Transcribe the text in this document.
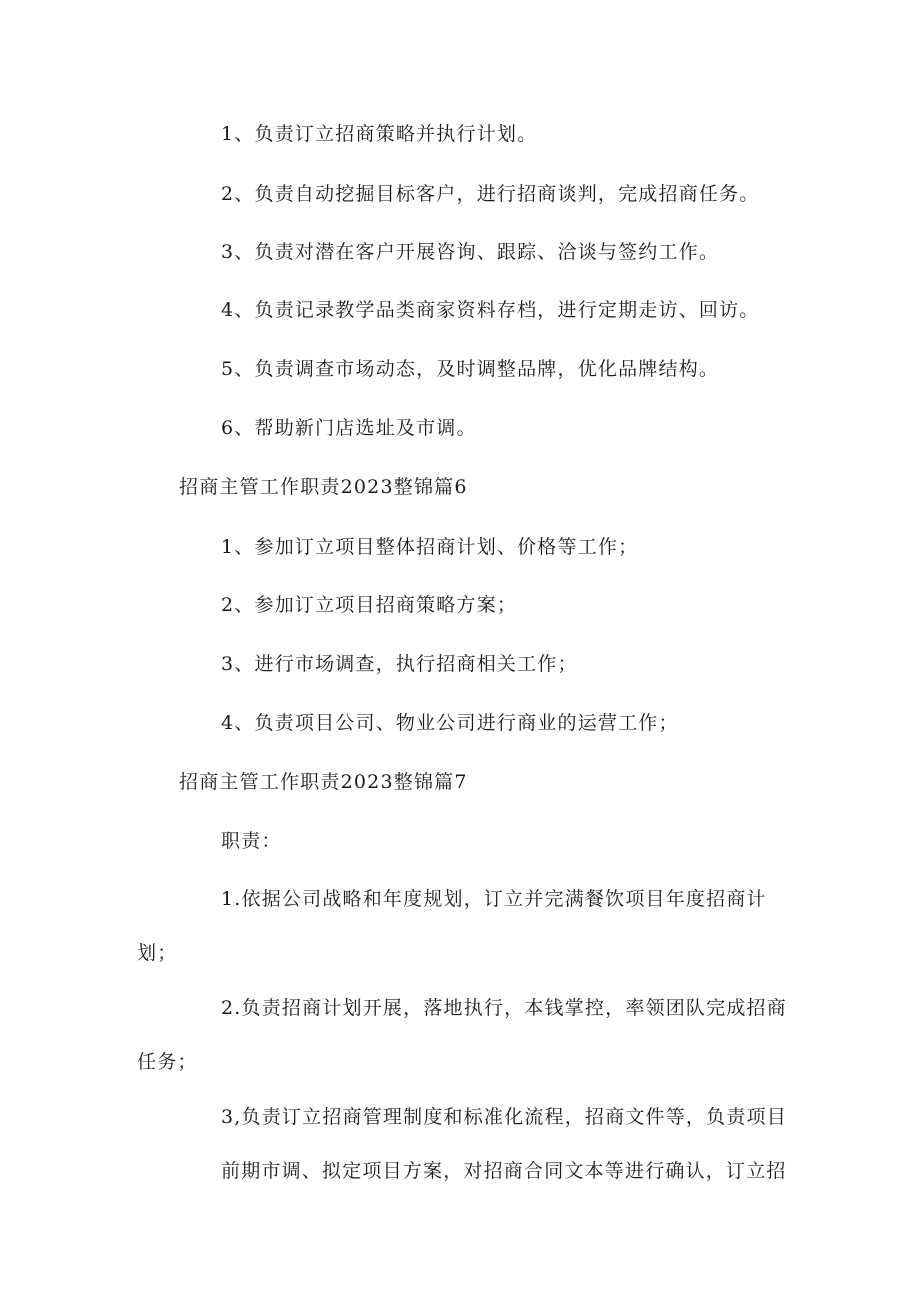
1、负责订立招商策略并执行计划。
2、负责自动挖掘目标客户，进行招商谈判，完成招商任务。
3、负责对潜在客户开展咨询、跟踪、洽谈与签约工作。
4、负责记录教学品类商家资料存档，进行定期走访、回访。
5、负责调查市场动态，及时调整品牌，优化品牌结构。
6、帮助新门店选址及市调。
招商主管工作职责2023整锦篇6
1、参加订立项目整体招商计划、价格等工作；
2、参加订立项目招商策略方案；
3、进行市场调查，执行招商相关工作；
4、负责项目公司、物业公司进行商业的运营工作；
招商主管工作职责2023整锦篇7
职责：
1.依据公司战略和年度规划，订立并完满餐饮项目年度招商计
划；
2.负责招商计划开展，落地执行，本钱掌控，率领团队完成招商
任务；
3,负责订立招商管理制度和标准化流程，招商文件等，负责项目
前期市调、拟定项目方案，对招商合同文本等进行确认，订立招
